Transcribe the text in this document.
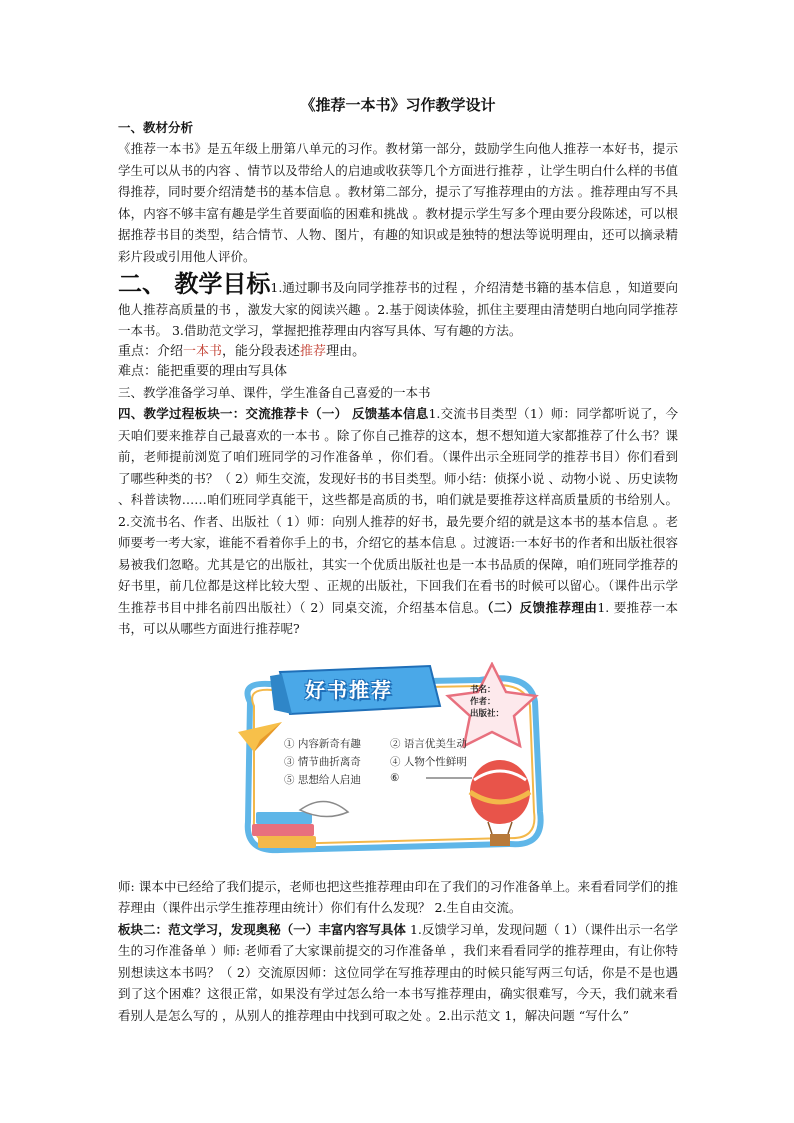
《推荐一本书》习作教学设计
一、教材分析

《推荐一本书》是五年级上册第八单元的习作。教材第一部分，鼓励学生向他人推荐一本好书，提示学生可以从书的内容 、情节以及带给人的启迪或收获等几个方面进行推荐 ，让学生明白什么样的书值得推荐，同时要介绍清楚书的基本信息 。教材第二部分，提示了写推荐理由的方法 。推荐理由写不具体，内容不够丰富有趣是学生首要面临的困难和挑战 。教材提示学生写多个理由要分段陈述，可以根据推荐书目的类型，结合情节、人物、图片，有趣的知识或是独特的想法等说明理由，还可以摘录精彩片段或引用他人评价。

二、 教学目标1.通过聊书及向同学推荐书的过程 ，介绍清楚书籍的基本信息 ，知道要向他人推荐高质量的书 ，激发大家的阅读兴趣 。2.基于阅读体验，抓住主要理由清楚明白地向同学推荐一本书。 3.借助范文学习，掌握把推荐理由内容写具体、写有趣的方法。

重点：介绍一本书，能分段表述推荐理由。

难点：能把重要的理由写具体

三、教学准备学习单、课件，学生准备自己喜爱的一本书

四、教学过程板块一：交流推荐卡（一） 反馈基本信息1.交流书目类型（1）师：同学都听说了，今天咱们要来推荐自己最喜欢的一本书 。除了你自己推荐的这本，想不想知道大家都推荐了什么书？课前，老师提前浏览了咱们班同学的习作准备单 ，你们看。（课件出示全班同学的推荐书目）你们看到了哪些种类的书？（ 2）师生交流，发现好书的书目类型。师小结：侦探小说 、动物小说 、历史读物 、科普读物……咱们班同学真能干，这些都是高质的书，咱们就是要推荐这样高质量质的书给别人。 2.交流书名、作者、出版社（ 1）师：向别人推荐的好书，最先要介绍的就是这本书的基本信息 。老师要考一考大家，谁能不看着你手上的书，介绍它的基本信息 。过渡语:一本好书的作者和出版社很容易被我们忽略。尤其是它的出版社，其实一个优质出版社也是一本书品质的保障，咱们班同学推荐的好书里，前几位都是这样比较大型 、正规的出版社，下回我们在看书的时候可以留心。（课件出示学生推荐书目中排名前四出版社）（ 2）同桌交流，介绍基本信息。（二）反馈推荐理由1. 要推荐一本书，可以从哪些方面进行推荐呢?

好书推荐	书名：
作者：
出版社：
① 内容新奇有趣	② 语言优美生动
③ 情节曲折离奇	④ 人物个性鲜明
⑤ 思想给人启迪	⑥

师: 课本中已经给了我们提示，老师也把这些推荐理由印在了我们的习作准备单上。来看看同学们的推荐理由（课件出示学生推荐理由统计）你们有什么发现？ 2.生自由交流。

板块二：范文学习，发现奥秘（一）丰富内容写具体 1.反馈学习单，发现问题（ 1）（课件出示一名学生的习作准备单 ）师: 老师看了大家课前提交的习作准备单 ，我们来看看同学的推荐理由，有让你特别想读这本书吗？（ 2）交流原因师：这位同学在写推荐理由的时候只能写两三句话，你是不是也遇到了这个困难？这很正常，如果没有学过怎么给一本书写推荐理由，确实很难写，今天，我们就来看看别人是怎么写的 ，从别人的推荐理由中找到可取之处 。2.出示范文 1，解决问题 “写什么”
